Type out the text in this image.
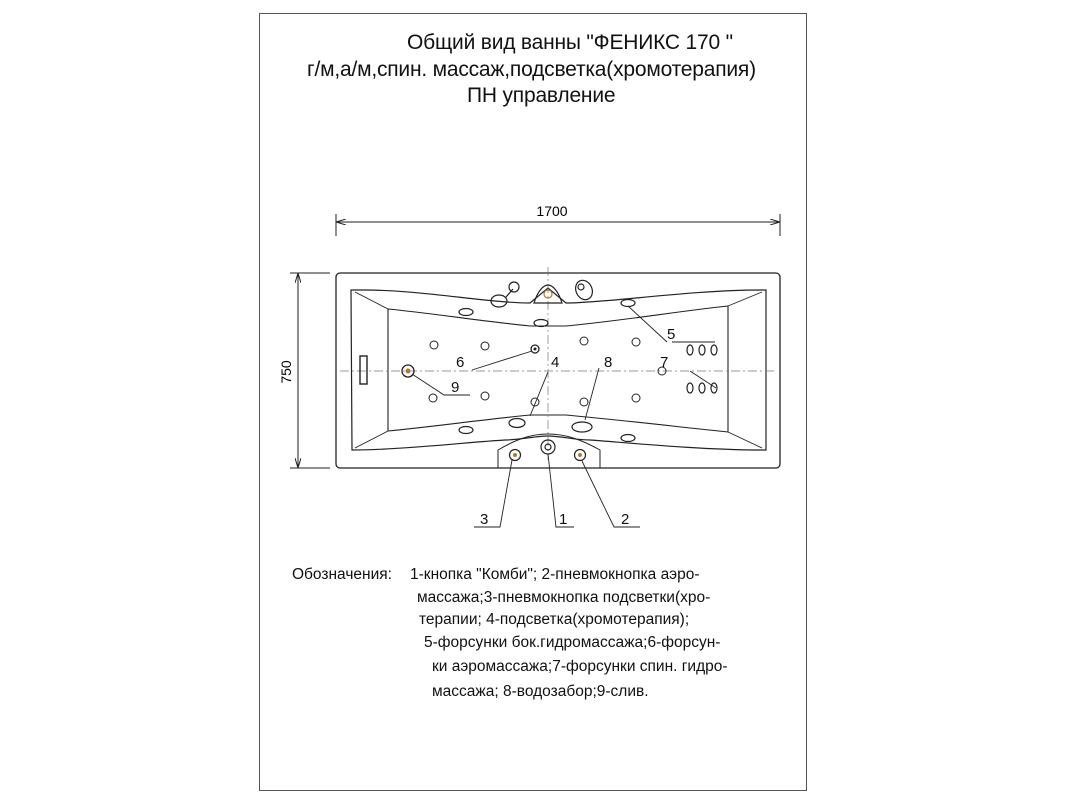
Общий вид ванны "ФЕНИКС 170 "
г/м,а/м,спин. массаж,подсветка(хромотерапия)
ПН управление
1700
750
1	2
3
4
5
6	7
8
9
Обозначения: 1-кнопка "Комби"; 2-пневмокнопка аэро-
массажа;3-пневмокнопка подсветки(хро-
терапии; 4-подсветка(хромотерапия);
5-форсунки бок.гидромассажа;6-форсун-
ки аэромассажа;7-форсунки спин. гидро-
массажа; 8-водозабор;9-слив.
